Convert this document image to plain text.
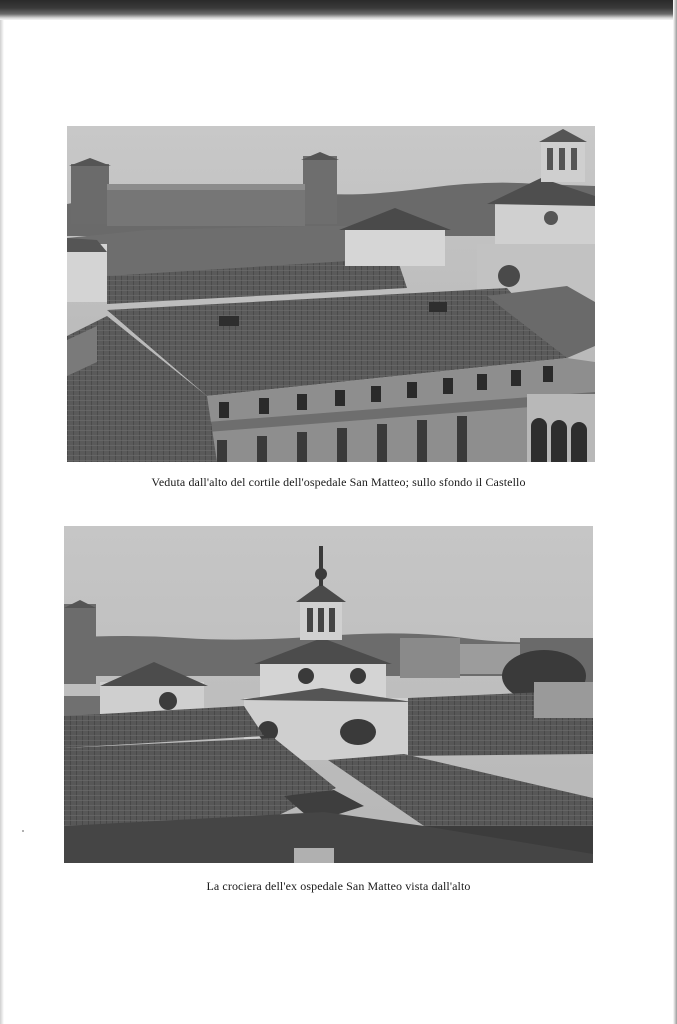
Veduta dall'alto del cortile dell'ospedale San Matteo; sullo sfondo il Castello
La crociera dell'ex ospedale San Matteo vista dall'alto
